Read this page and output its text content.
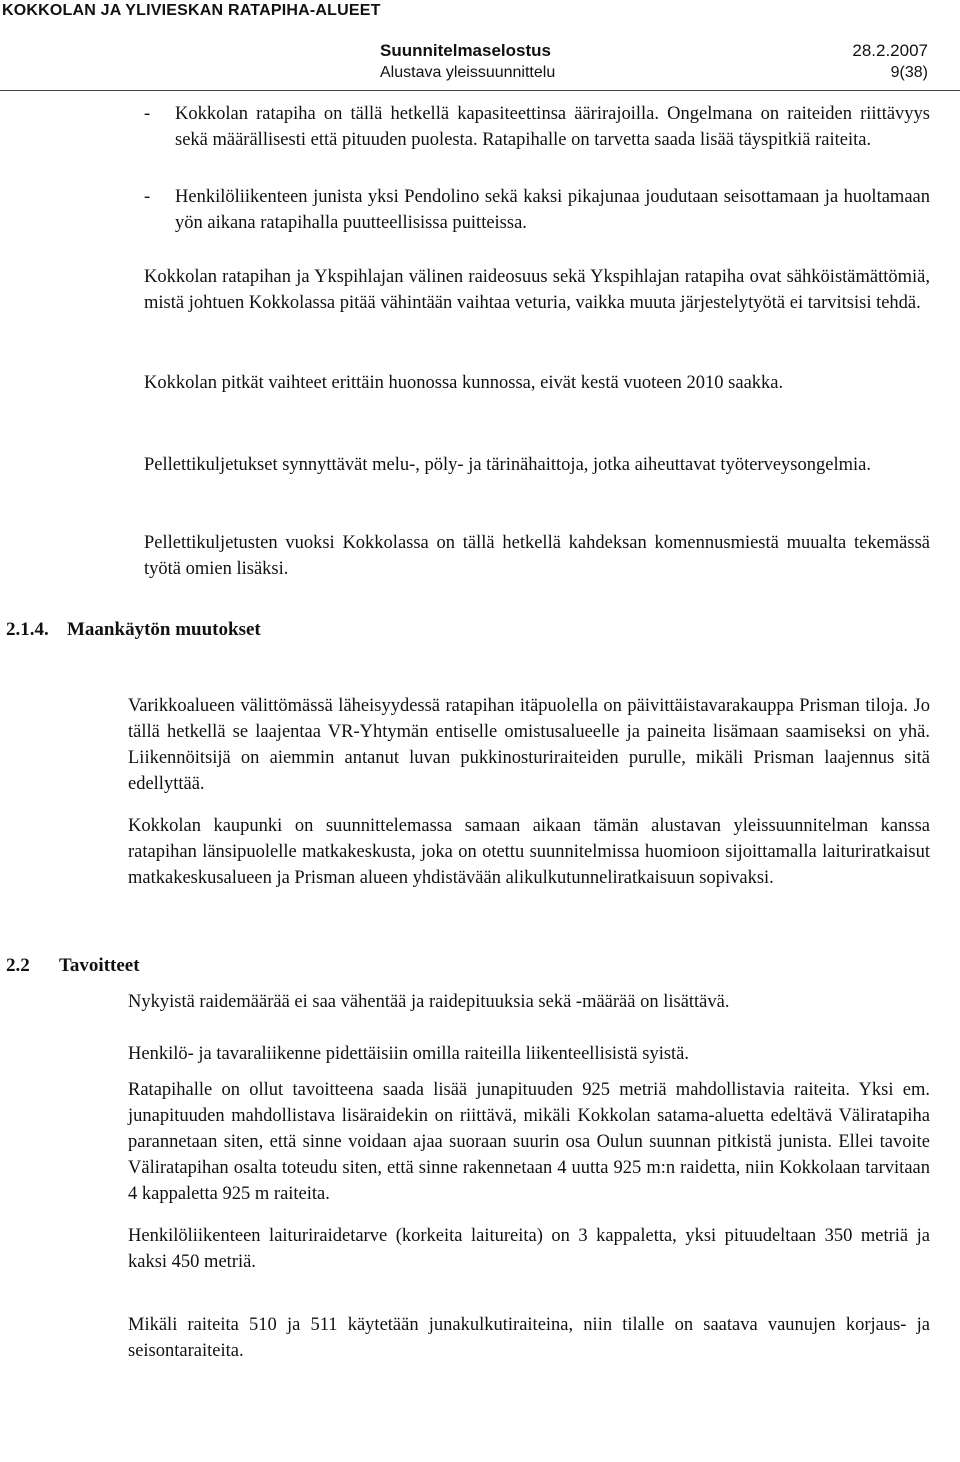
KOKKOLAN JA YLIVIESKAN RATAPIHA-ALUEET
Suunnitelmaselostus	28.2.2007
Alustava yleissuunnittelu	9(38)
- Kokkolan ratapiha on tällä hetkellä kapasiteettinsa äärirajoilla. Ongelmana on raiteiden riittävyys sekä määrällisesti että pituuden puolesta. Ratapihalle on tarvetta saada lisää täyspitkiä raiteita.

- Henkilöliikenteen junista yksi Pendolino sekä kaksi pikajunaa joudutaan seisottamaan ja huoltamaan yön aikana ratapihalla puutteellisissa puitteissa.

Kokkolan ratapihan ja Ykspihlajan välinen raideosuus sekä Ykspihlajan ratapiha ovat sähköistämättömiä, mistä johtuen Kokkolassa pitää vähintään vaihtaa veturia, vaikka muuta järjestelytyötä ei tarvitsisi tehdä.

Kokkolan pitkät vaihteet erittäin huonossa kunnossa, eivät kestä vuoteen 2010 saakka.

Pellettikuljetukset synnyttävät melu-, pöly- ja tärinähaittoja, jotka aiheuttavat työterveysongelmia.

Pellettikuljetusten vuoksi Kokkolassa on tällä hetkellä kahdeksan komennusmiestä muualta tekemässä työtä omien lisäksi.

2.1.4. Maankäytön muutokset

Varikkoalueen välittömässä läheisyydessä ratapihan itäpuolella on päivittäistavarakauppa Prisman tiloja. Jo tällä hetkellä se laajentaa VR-Yhtymän entiselle omistusalueelle ja paineita lisämaan saamiseksi on yhä. Liikennöitsijä on aiemmin antanut luvan pukkinosturiraiteiden purulle, mikäli Prisman laajennus sitä edellyttää.

Kokkolan kaupunki on suunnittelemassa samaan aikaan tämän alustavan yleissuunnitelman kanssa ratapihan länsipuolelle matkakeskusta, joka on otettu suunnitelmissa huomioon sijoittamalla laituriratkaisut matkakeskusalueen ja Prisman alueen yhdistävään alikulkutunneliratkaisuun sopivaksi.

2.2 Tavoitteet

Nykyistä raidemäärää ei saa vähentää ja raidepituuksia sekä -määrää on lisättävä.

Henkilö- ja tavaraliikenne pidettäisiin omilla raiteilla liikenteellisistä syistä.

Ratapihalle on ollut tavoitteena saada lisää junapituuden 925 metriä mahdollistavia raiteita. Yksi em. junapituuden mahdollistava lisäraidekin on riittävä, mikäli Kokkolan satama-aluetta edeltävä Väliratapiha parannetaan siten, että sinne voidaan ajaa suoraan suurin osa Oulun suunnan pitkistä junista. Ellei tavoite Väliratapihan osalta toteudu siten, että sinne rakennetaan 4 uutta 925 m:n raidetta, niin Kokkolaan tarvitaan 4 kappaletta 925 m raiteita.

Henkilöliikenteen laituriraidetarve (korkeita laitureita) on 3 kappaletta, yksi pituudeltaan 350 metriä ja kaksi 450 metriä.

Mikäli raiteita 510 ja 511 käytetään junakulkutiraiteina, niin tilalle on saatava vaunujen korjaus- ja seisontaraiteita.
